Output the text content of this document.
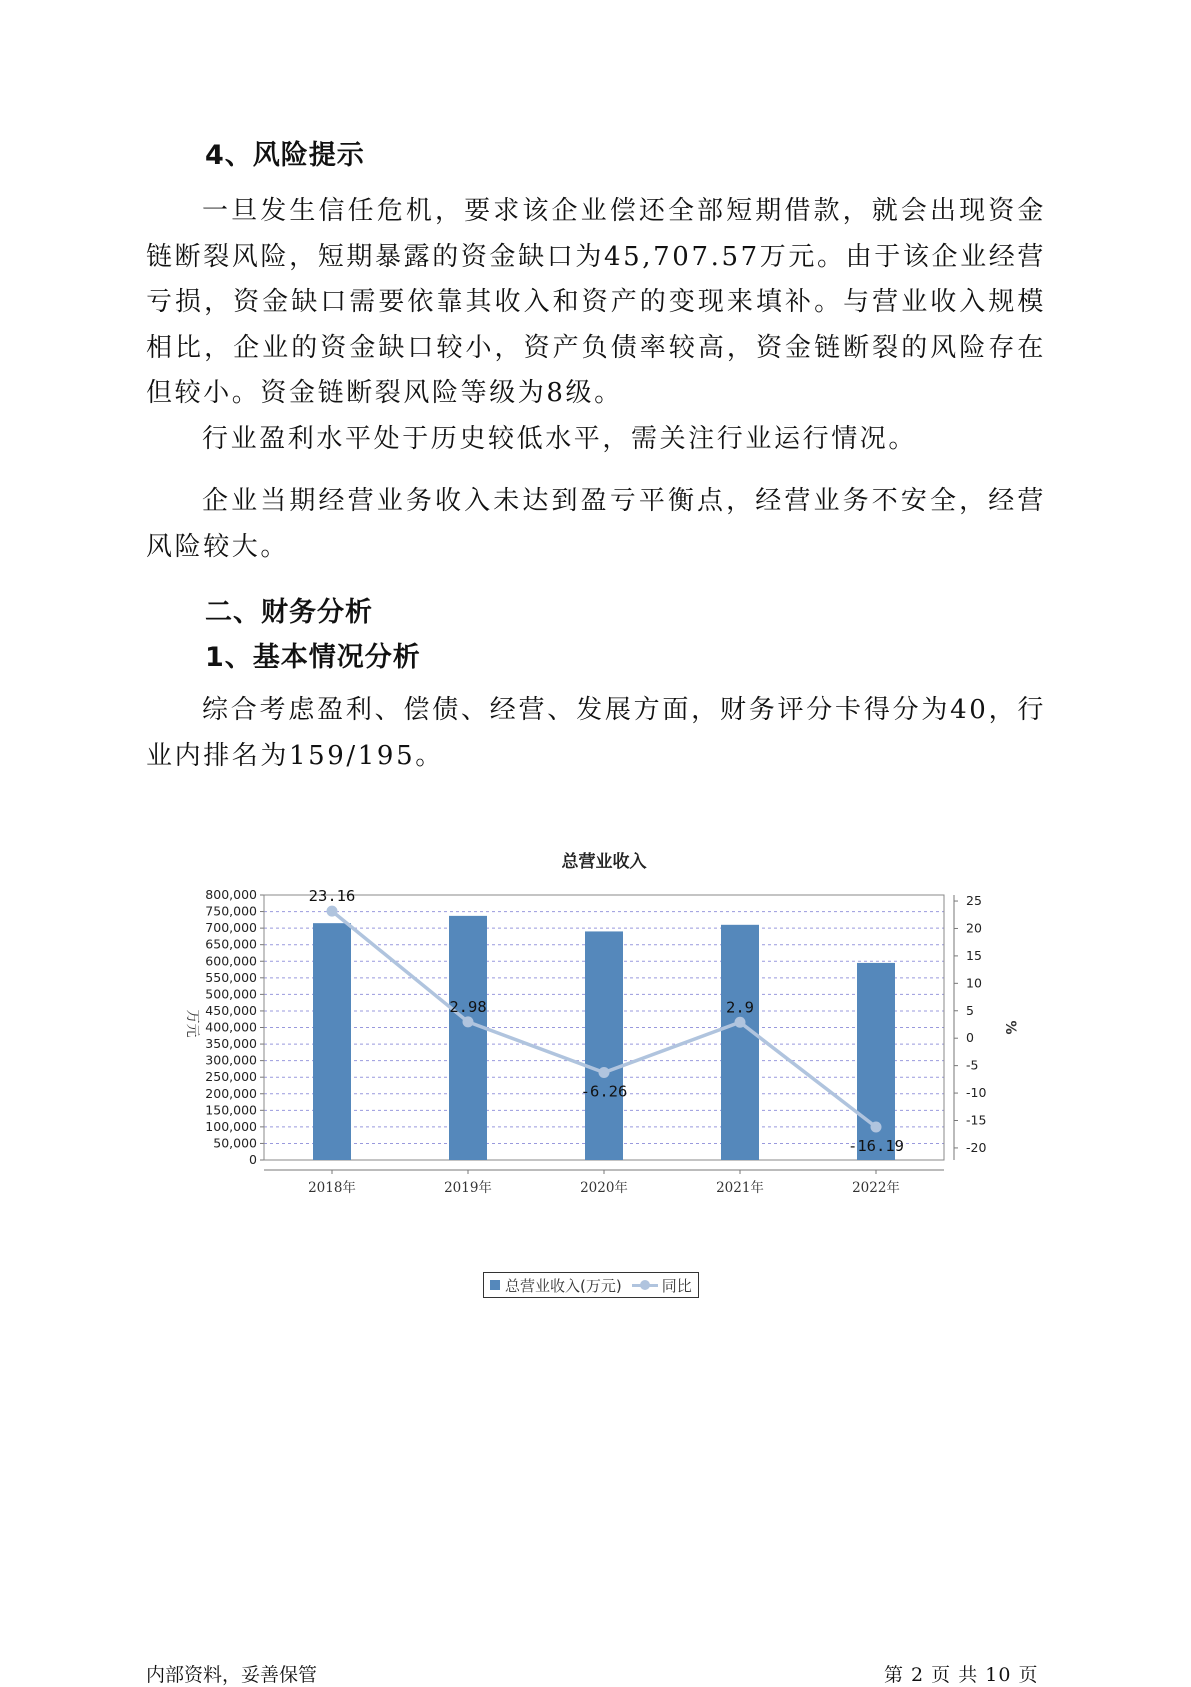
4、风险提示

一旦发生信任危机，要求该企业偿还全部短期借款，就会出现资金链断裂风险，短期暴露的资金缺口为45,707.57万元。由于该企业经营亏损，资金缺口需要依靠其收入和资产的变现来填补。与营业收入规模相比，企业的资金缺口较小，资产负债率较高，资金链断裂的风险存在但较小。资金链断裂风险等级为8级。

行业盈利水平处于历史较低水平，需关注行业运行情况。

企业当期经营业务收入未达到盈亏平衡点，经营业务不安全，经营风险较大。

二、财务分析
1、基本情况分析

综合考虑盈利、偿债、经营、发展方面，财务评分卡得分为40，行业内排名为159/195。

总营业收入
0
50,000
100,000
150,000
200,000
250,000
300,000
350,000
400,000
450,000
500,000
550,000
600,000
650,000
700,000
750,000
800,000
万元
25
20
15
10
5
0
-5
-10
-15
-20
%
2018年	2019年	2020年	2021年	2022年
23.16
2.98
-6.26
2.9
-16.19
总营业收入(万元)	同比
内部资料，妥善保管	第 2 页 共 10 页
